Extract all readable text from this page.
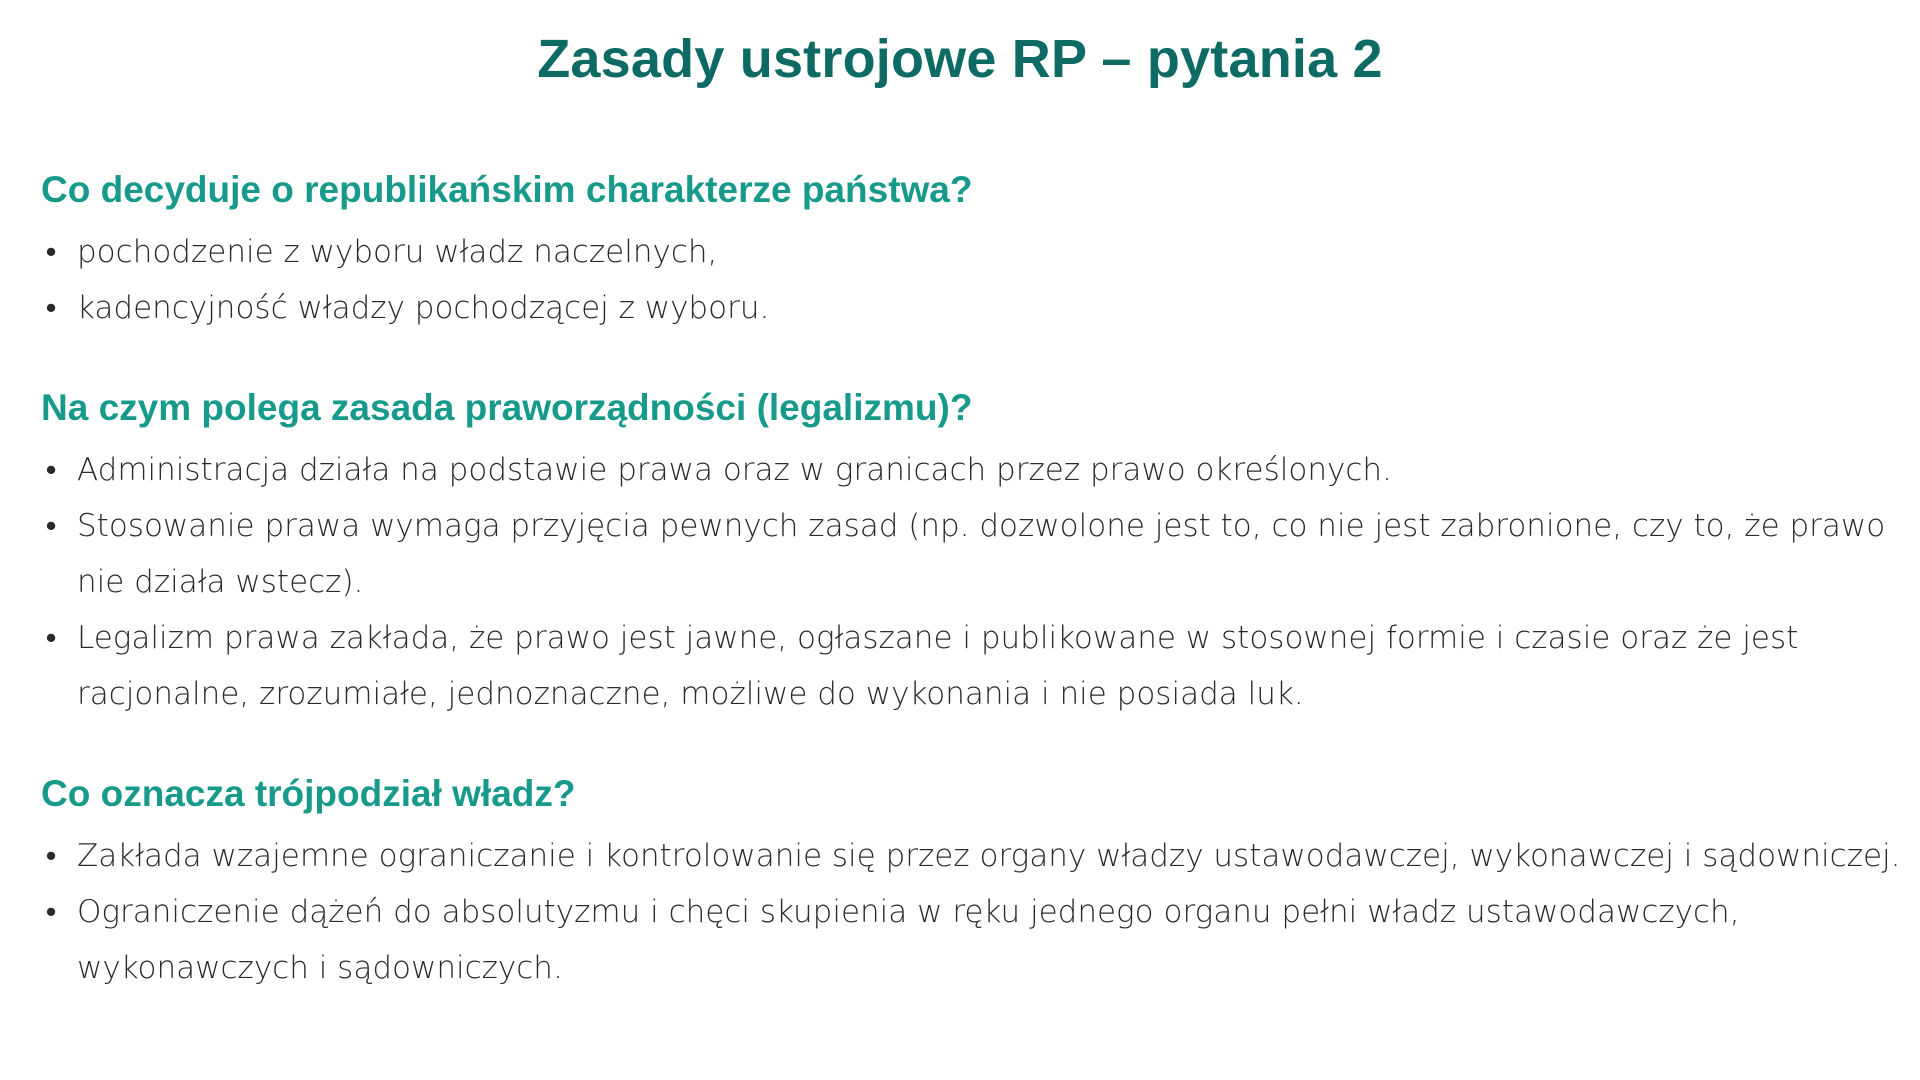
Zasady ustrojowe RP – pytania 2
Co decyduje o republikańskim charakterze państwa?
• pochodzenie z wyboru władz naczelnych,
• kadencyjność władzy pochodzącej z wyboru.
Na czym polega zasada praworządności (legalizmu)?
• Administracja działa na podstawie prawa oraz w granicach przez prawo określonych.
• Stosowanie prawa wymaga przyjęcia pewnych zasad (np. dozwolone jest to, co nie jest zabronione, czy to, że prawo nie działa wstecz).
• Legalizm prawa zakłada, że prawo jest jawne, ogłaszane i publikowane w stosownej formie i czasie oraz że jest racjonalne, zrozumiałe, jednoznaczne, możliwe do wykonania i nie posiada luk.
Co oznacza trójpodział władz?
• Zakłada wzajemne ograniczanie i kontrolowanie się przez organy władzy ustawodawczej, wykonawczej i sądowniczej.
• Ograniczenie dążeń do absolutyzmu i chęci skupienia w ręku jednego organu pełni władz ustawodawczych, wykonawczych i sądowniczych.
